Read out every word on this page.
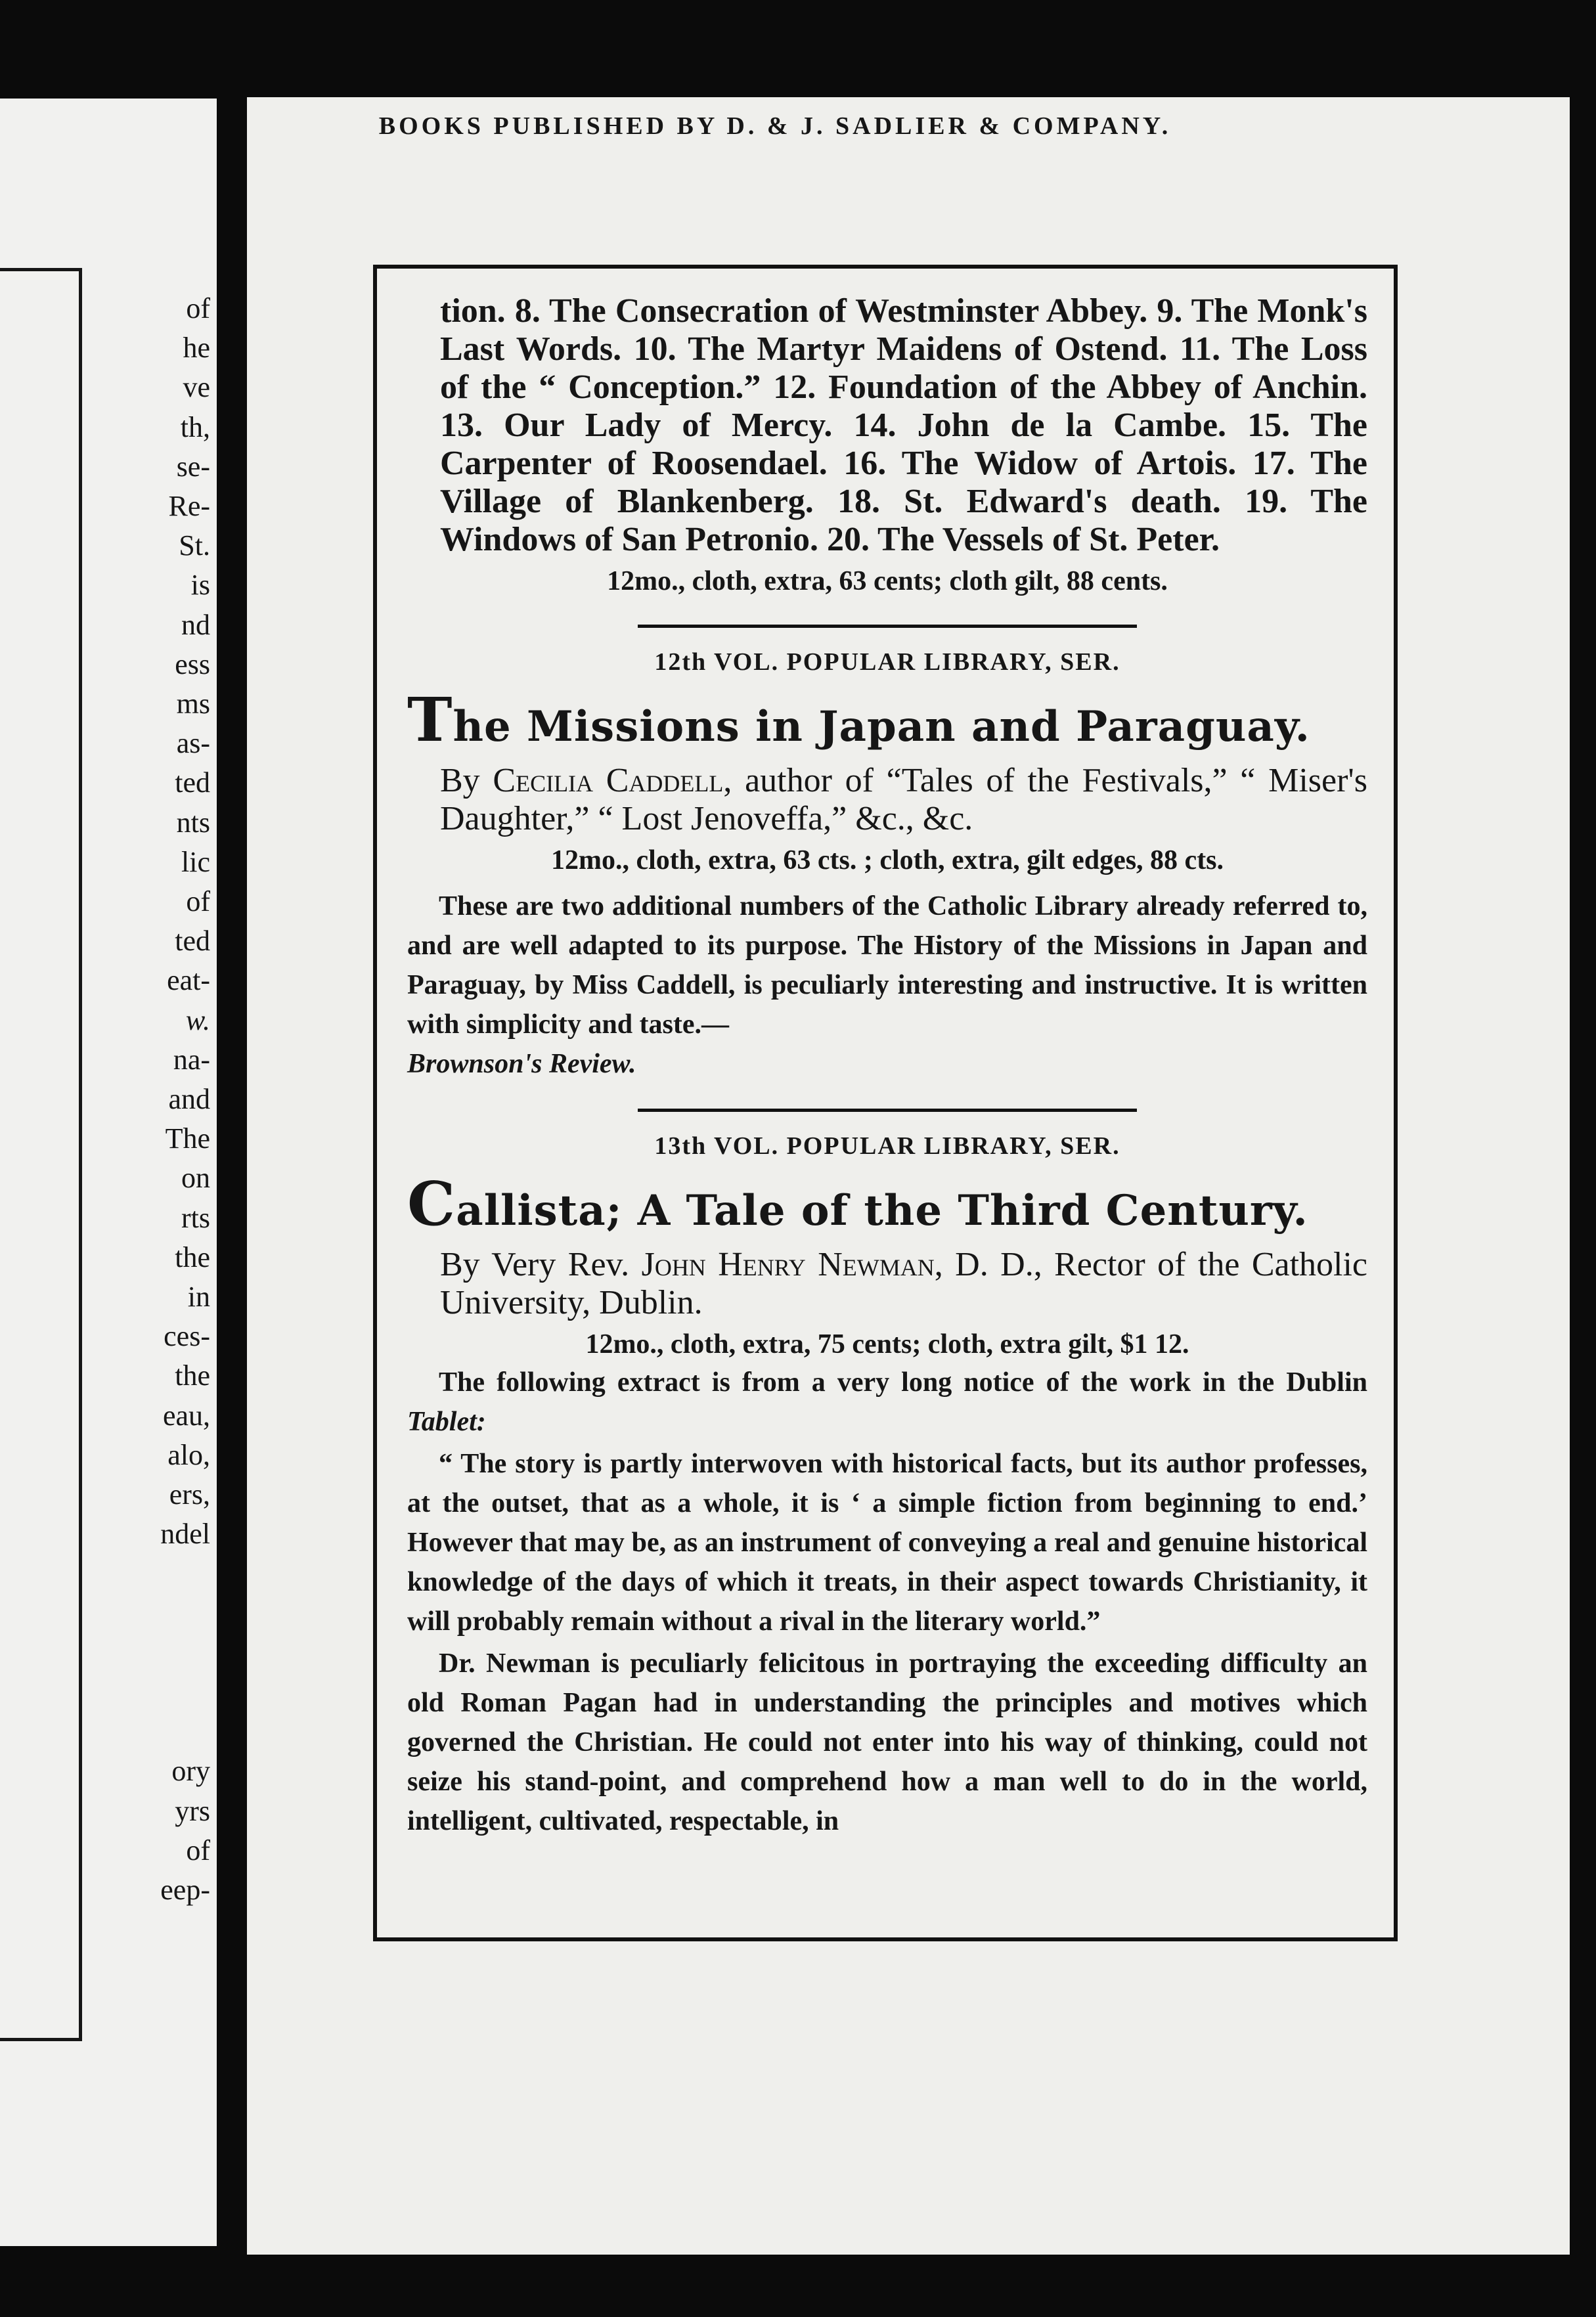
of

he

ve

th,

se-

Re-

St.

is

nd

ess

ms

as-

ted

nts

lic

of

ted

eat-

w.

na-

and

The

on

rts

the

in

ces-

the

eau,

alo,

ers,

ndel

ory

yrs

of

eep-

BOOKS PUBLISHED BY D. & J. SADLIER & COMPANY.

tion. 8. The Consecration of Westminster Abbey. 9. The Monk's Last Words. 10. The Martyr Maidens of Ostend. 11. The Loss of the “ Conception.” 12. Foundation of the Abbey of Anchin. 13. Our Lady of Mercy. 14. John de la Cambe. 15. The Carpenter of Roosendael. 16. The Widow of Artois. 17. The Village of Blankenberg. 18. St. Edward's death. 19. The Windows of San Petronio. 20. The Vessels of St. Peter.

12mo., cloth, extra, 63 cents; cloth gilt, 88 cents.

12th VOL. POPULAR LIBRARY, SER.

The Missions in Japan and Paraguay.

By Cecilia Caddell, author of “Tales of the Festivals,” “ Miser's Daughter,” “ Lost Jenoveffa,” &c., &c.

12mo., cloth, extra, 63 cts. ; cloth, extra, gilt edges, 88 cts.

These are two additional numbers of the Catholic Library already referred to, and are well adapted to its purpose. The History of the Missions in Japan and Paraguay, by Miss Caddell, is peculiarly interesting and instructive. It is written with simplicity and taste.—
Brownson's Review.

13th VOL. POPULAR LIBRARY, SER.

Callista; A Tale of the Third Century.

By Very Rev. John Henry Newman, D. D., Rector of the Catholic University, Dublin.

12mo., cloth, extra, 75 cents; cloth, extra gilt, $1 12.

The following extract is from a very long notice of the work in the Dublin Tablet:

“ The story is partly interwoven with historical facts, but its author professes, at the outset, that as a whole, it is ‘ a simple fiction from beginning to end.’ However that may be, as an instrument of conveying a real and genuine historical knowledge of the days of which it treats, in their aspect towards Christianity, it will probably remain without a rival in the literary world.”

Dr. Newman is peculiarly felicitous in portraying the exceeding difficulty an old Roman Pagan had in understanding the principles and motives which governed the Christian. He could not enter into his way of thinking, could not seize his stand-point, and comprehend how a man well to do in the world, intelligent, cultivated, respectable, in
